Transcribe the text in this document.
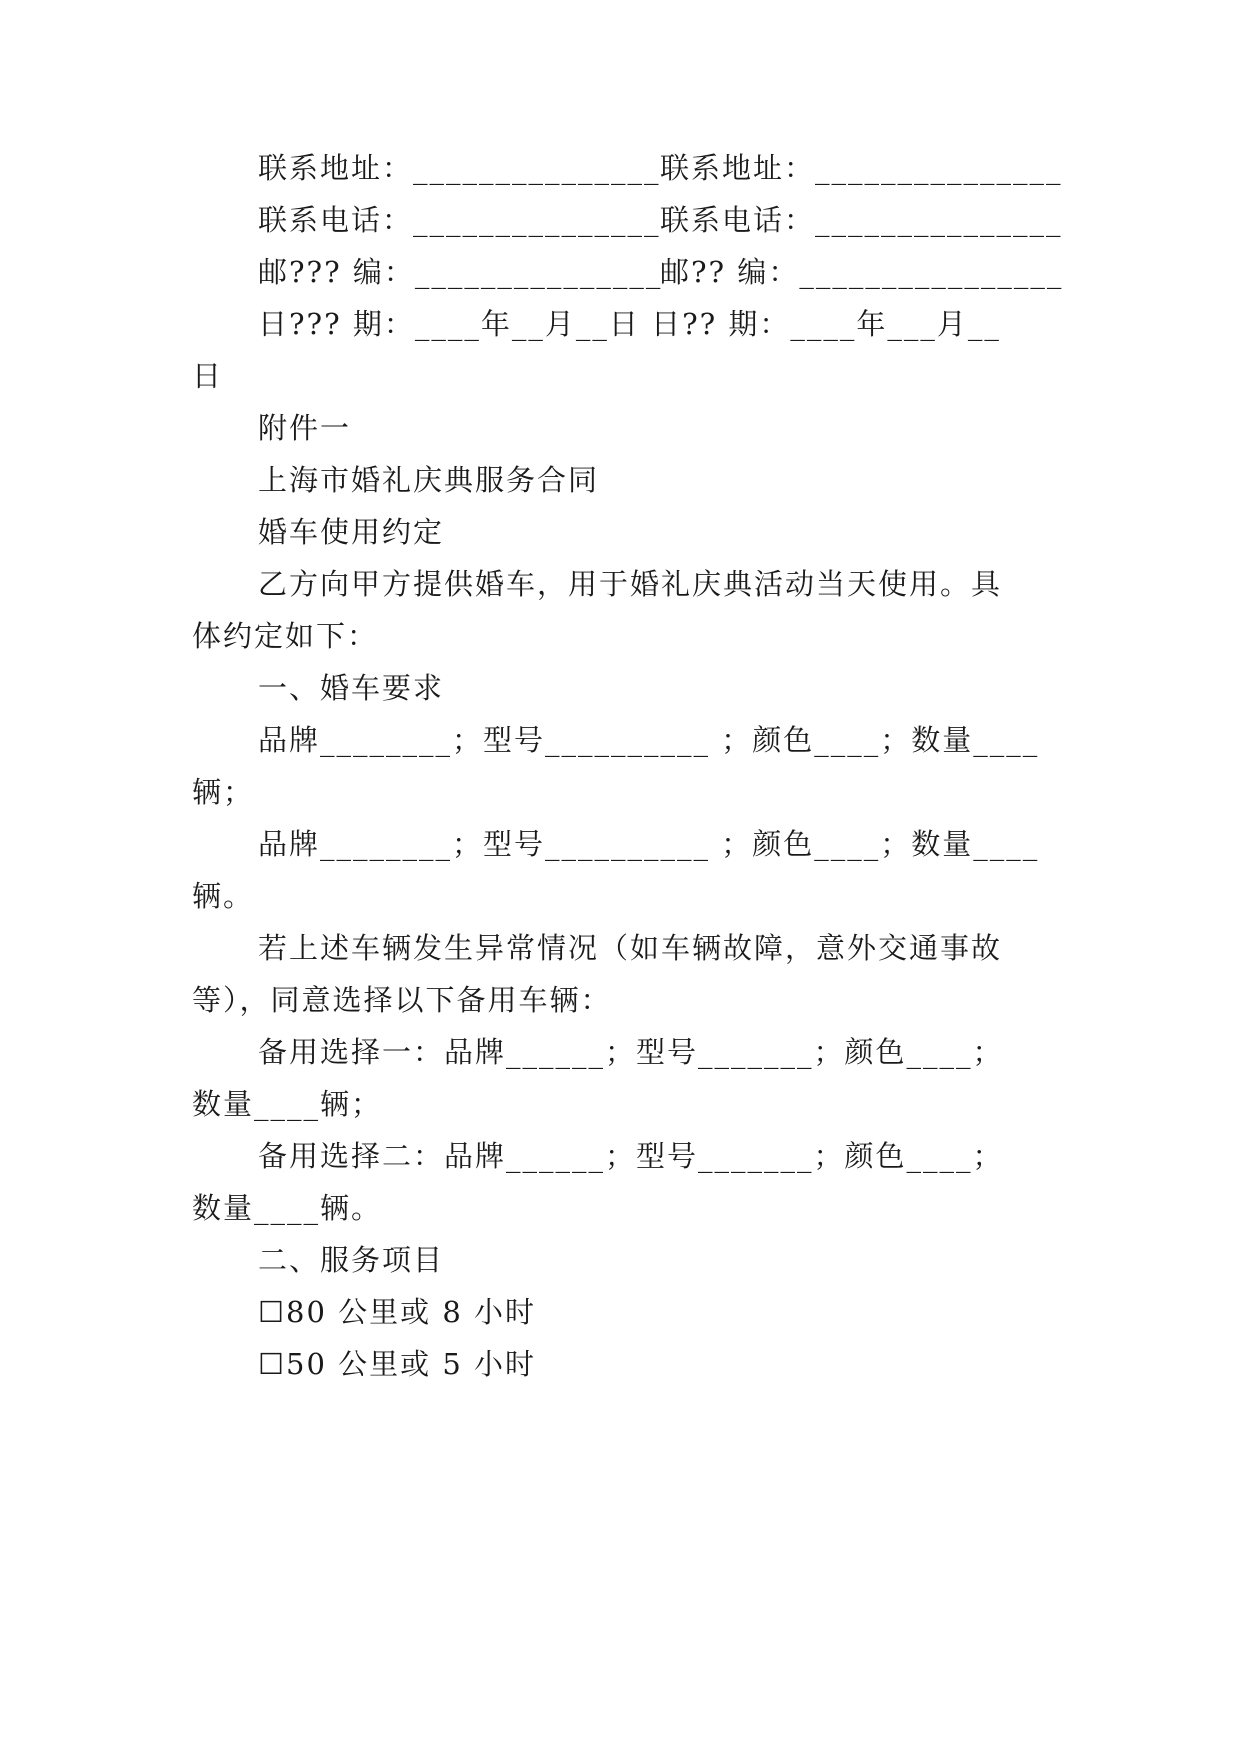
联系地址：_______________ 联系地址：_______________
联系电话：_______________ 联系电话：_______________
邮??? 编：_______________
邮?? 编：________________
日??? 期：____年__月__日 日?? 期：____年___月__
日
附件一
上海市婚礼庆典服务合同
婚车使用约定
乙方向甲方提供婚车，用于婚礼庆典活动当天使用。具
体约定如下：
一、婚车要求
品牌________；型号__________ ；颜色____；数量____
辆；
品牌________；型号__________ ；颜色____；数量____
辆。
若上述车辆发生异常情况（如车辆故障，意外交通事故
等），同意选择以下备用车辆：
备用选择一：品牌______；型号_______；颜色____；
数量____辆；
备用选择二：品牌______；型号_______；颜色____；
数量____辆。
二、服务项目
☐80 公里或 8 小时
☐50 公里或 5 小时
